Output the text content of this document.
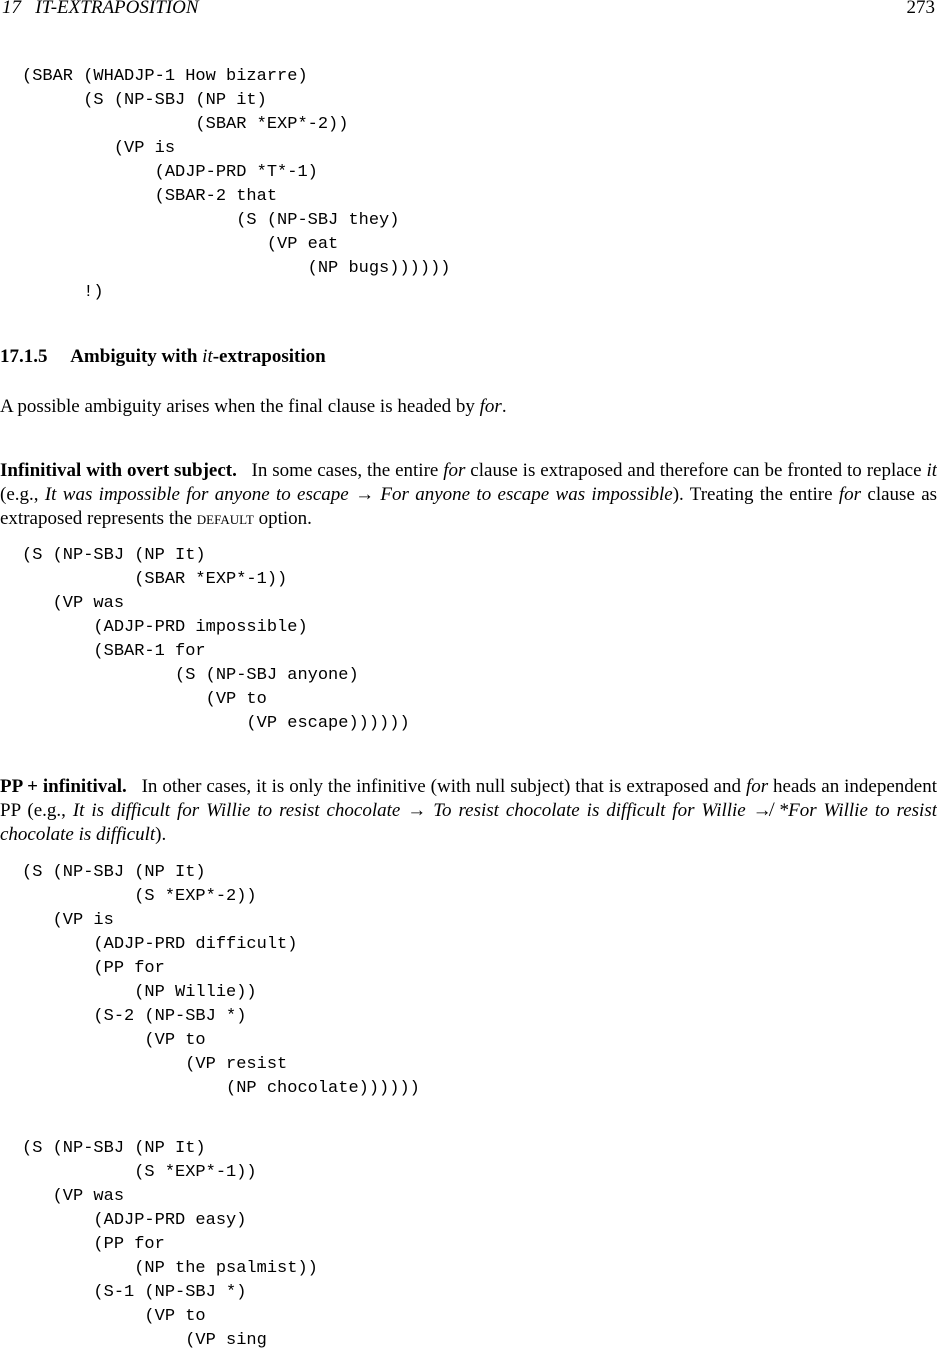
17   IT-EXTRAPOSITION	273
(SBAR (WHADJP-1 How bizarre)
(S (NP-SBJ (NP it)
(SBAR *EXP*-2))
(VP is
(ADJP-PRD *T*-1)
(SBAR-2 that
(S (NP-SBJ they)
(VP eat
(NP bugs))))))
!)
17.1.5 Ambiguity with it-extraposition
A possible ambiguity arises when the final clause is headed by for.
Infinitival with overt subject. In some cases, the entire for clause is extraposed and therefore can be fronted to replace it (e.g., It was impossible for anyone to escape → For anyone to escape was impossible). Treating the entire for clause as extraposed represents the default option.
(S (NP-SBJ (NP It)
(SBAR *EXP*-1))
(VP was
(ADJP-PRD impossible)
(SBAR-1 for
(S (NP-SBJ anyone)
(VP to
(VP escape))))))
PP + infinitival. In other cases, it is only the infinitive (with null subject) that is extraposed and for heads an independent PP (e.g., It is difficult for Willie to resist chocolate → To resist chocolate is difficult for Willie ↛ *For Willie to resist chocolate is difficult).
(S (NP-SBJ (NP It)
(S *EXP*-2))
(VP is
(ADJP-PRD difficult)
(PP for
(NP Willie))
(S-2 (NP-SBJ *)
(VP to
(VP resist
(NP chocolate))))))
(S (NP-SBJ (NP It)
(S *EXP*-1))
(VP was
(ADJP-PRD easy)
(PP for
(NP the psalmist))
(S-1 (NP-SBJ *)
(VP to
(VP sing
